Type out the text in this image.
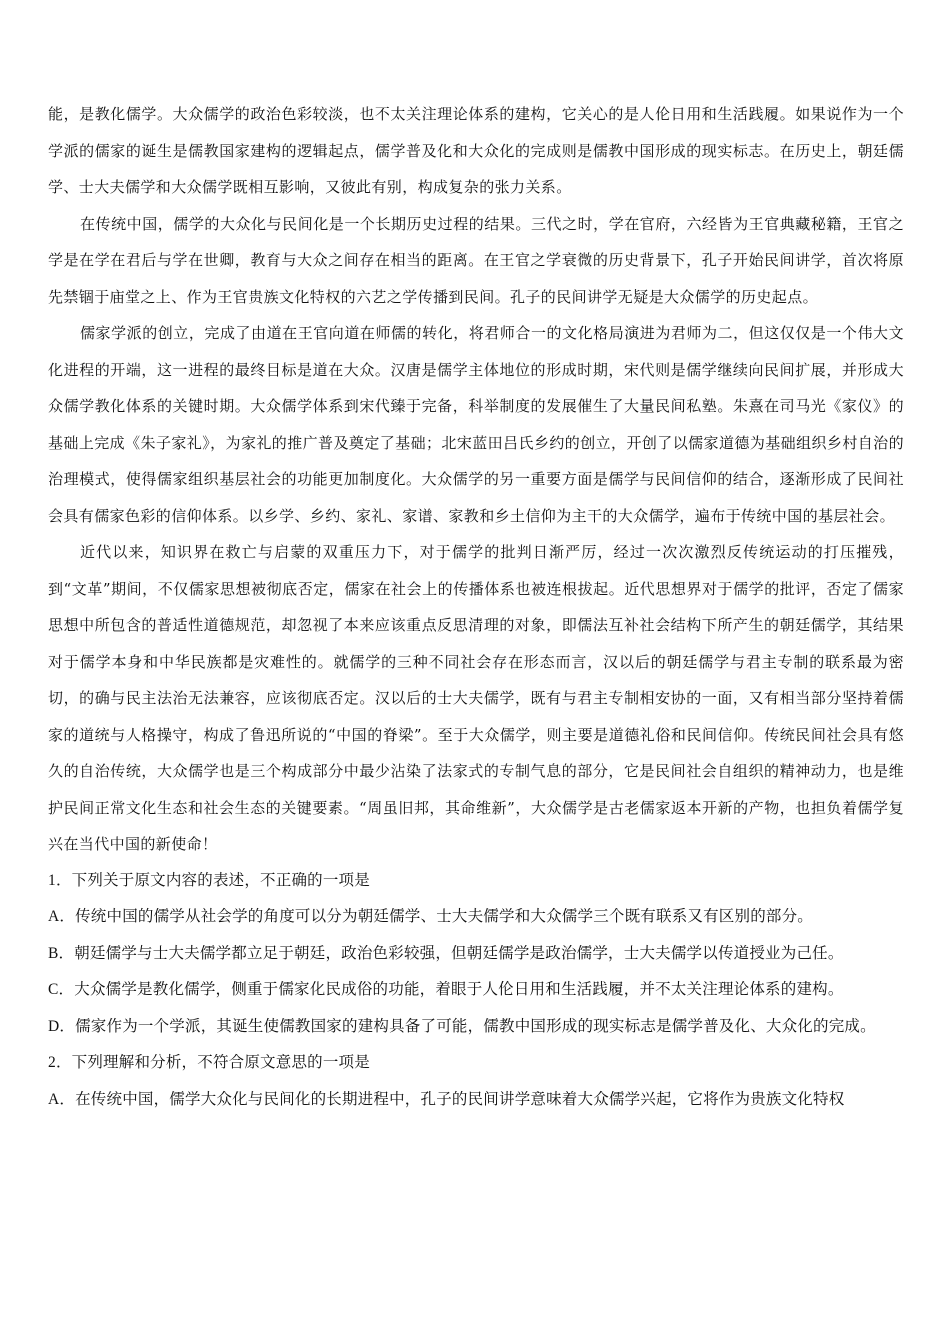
能，是教化儒学。大众儒学的政治色彩较淡，也不太关注理论体系的建构，它关心的是人伦日用和生活践履。如果说作为一个学派的儒家的诞生是儒教国家建构的逻辑起点，儒学普及化和大众化的完成则是儒教中国形成的现实标志。在历史上，朝廷儒学、士大夫儒学和大众儒学既相互影响，又彼此有别，构成复杂的张力关系。

在传统中国，儒学的大众化与民间化是一个长期历史过程的结果。三代之时，学在官府，六经皆为王官典藏秘籍，王官之学是在学在君后与学在世卿，教育与大众之间存在相当的距离。在王官之学衰微的历史背景下，孔子开始民间讲学，首次将原先禁锢于庙堂之上、作为王官贵族文化特权的六艺之学传播到民间。孔子的民间讲学无疑是大众儒学的历史起点。

儒家学派的创立，完成了由道在王官向道在师儒的转化，将君师合一的文化格局演进为君师为二，但这仅仅是一个伟大文化进程的开端，这一进程的最终目标是道在大众。汉唐是儒学主体地位的形成时期，宋代则是儒学继续向民间扩展，并形成大众儒学教化体系的关键时期。大众儒学体系到宋代臻于完备，科举制度的发展催生了大量民间私塾。朱熹在司马光《家仪》的基础上完成《朱子家礼》，为家礼的推广普及奠定了基础；北宋蓝田吕氏乡约的创立，开创了以儒家道德为基础组织乡村自治的治理模式，使得儒家组织基层社会的功能更加制度化。大众儒学的另一重要方面是儒学与民间信仰的结合，逐渐形成了民间社会具有儒家色彩的信仰体系。以乡学、乡约、家礼、家谱、家教和乡土信仰为主干的大众儒学，遍布于传统中国的基层社会。

近代以来，知识界在救亡与启蒙的双重压力下，对于儒学的批判日渐严厉，经过一次次激烈反传统运动的打压摧残，到“文革”期间，不仅儒家思想被彻底否定，儒家在社会上的传播体系也被连根拔起。近代思想界对于儒学的批评，否定了儒家思想中所包含的普适性道德规范，却忽视了本来应该重点反思清理的对象，即儒法互补社会结构下所产生的朝廷儒学，其结果对于儒学本身和中华民族都是灾难性的。就儒学的三种不同社会存在形态而言，汉以后的朝廷儒学与君主专制的联系最为密切，的确与民主法治无法兼容，应该彻底否定。汉以后的士大夫儒学，既有与君主专制相安协的一面，又有相当部分坚持着儒家的道统与人格操守，构成了鲁迅所说的“中国的脊梁”。至于大众儒学，则主要是道德礼俗和民间信仰。传统民间社会具有悠久的自治传统，大众儒学也是三个构成部分中最少沾染了法家式的专制气息的部分，它是民间社会自组织的精神动力，也是维护民间正常文化生态和社会生态的关键要素。“周虽旧邦，其命维新”，大众儒学是古老儒家返本开新的产物，也担负着儒学复兴在当代中国的新使命！

1．下列关于原文内容的表述，不正确的一项是

A．传统中国的儒学从社会学的角度可以分为朝廷儒学、士大夫儒学和大众儒学三个既有联系又有区别的部分。

B．朝廷儒学与士大夫儒学都立足于朝廷，政治色彩较强，但朝廷儒学是政治儒学，士大夫儒学以传道授业为己任。

C．大众儒学是教化儒学，侧重于儒家化民成俗的功能，着眼于人伦日用和生活践履，并不太关注理论体系的建构。

D．儒家作为一个学派，其诞生使儒教国家的建构具备了可能，儒教中国形成的现实标志是儒学普及化、大众化的完成。

2．下列理解和分析，不符合原文意思的一项是

A．在传统中国，儒学大众化与民间化的长期进程中，孔子的民间讲学意味着大众儒学兴起，它将作为贵族文化特权
